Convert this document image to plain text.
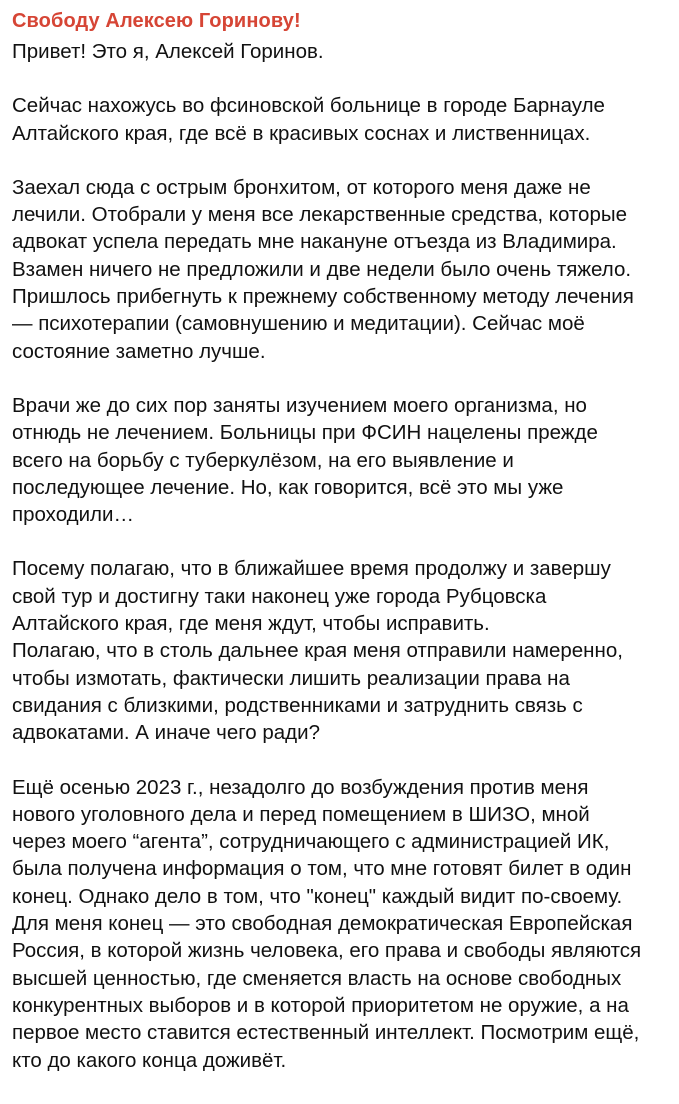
Свободу Алексею Горинову!
Привет! Это я, Алексей Горинов.
Сейчас нахожусь во фсиновской больнице в городе Барнауле
Алтайского края, где всё в красивых соснах и лиственницах.
Заехал сюда с острым бронхитом, от которого меня даже не
лечили. Отобрали у меня все лекарственные средства, которые
адвокат успела передать мне накануне отъезда из Владимира.
Взамен ничего не предложили и две недели было очень тяжело.
Пришлось прибегнуть к прежнему собственному методу лечения
— психотерапии (самовнушению и медитации). Сейчас моё
состояние заметно лучше.
Врачи же до сих пор заняты изучением моего организма, но
отнюдь не лечением. Больницы при ФСИН нацелены прежде
всего на борьбу с туберкулёзом, на его выявление и
последующее лечение. Но, как говорится, всё это мы уже
проходили…
Посему полагаю, что в ближайшее время продолжу и завершу
свой тур и достигну таки наконец уже города Рубцовска
Алтайского края, где меня ждут, чтобы исправить.
Полагаю, что в столь дальнее края меня отправили намеренно,
чтобы измотать, фактически лишить реализации права на
свидания с близкими, родственниками и затруднить связь с
адвокатами. А иначе чего ради?
Ещё осенью 2023 г., незадолго до возбуждения против меня
нового уголовного дела и перед помещением в ШИЗО, мной
через моего “агента”, сотрудничающего с администрацией ИК,
была получена информация о том, что мне готовят билет в один
конец. Однако дело в том, что "конец" каждый видит по-своему.
Для меня конец — это свободная демократическая Европейская
Россия, в которой жизнь человека, его права и свободы являются
высшей ценностью, где сменяется власть на основе свободных
конкурентных выборов и в которой приоритетом не оружие, а на
первое место ставится естественный интеллект. Посмотрим ещё,
кто до какого конца доживёт.
